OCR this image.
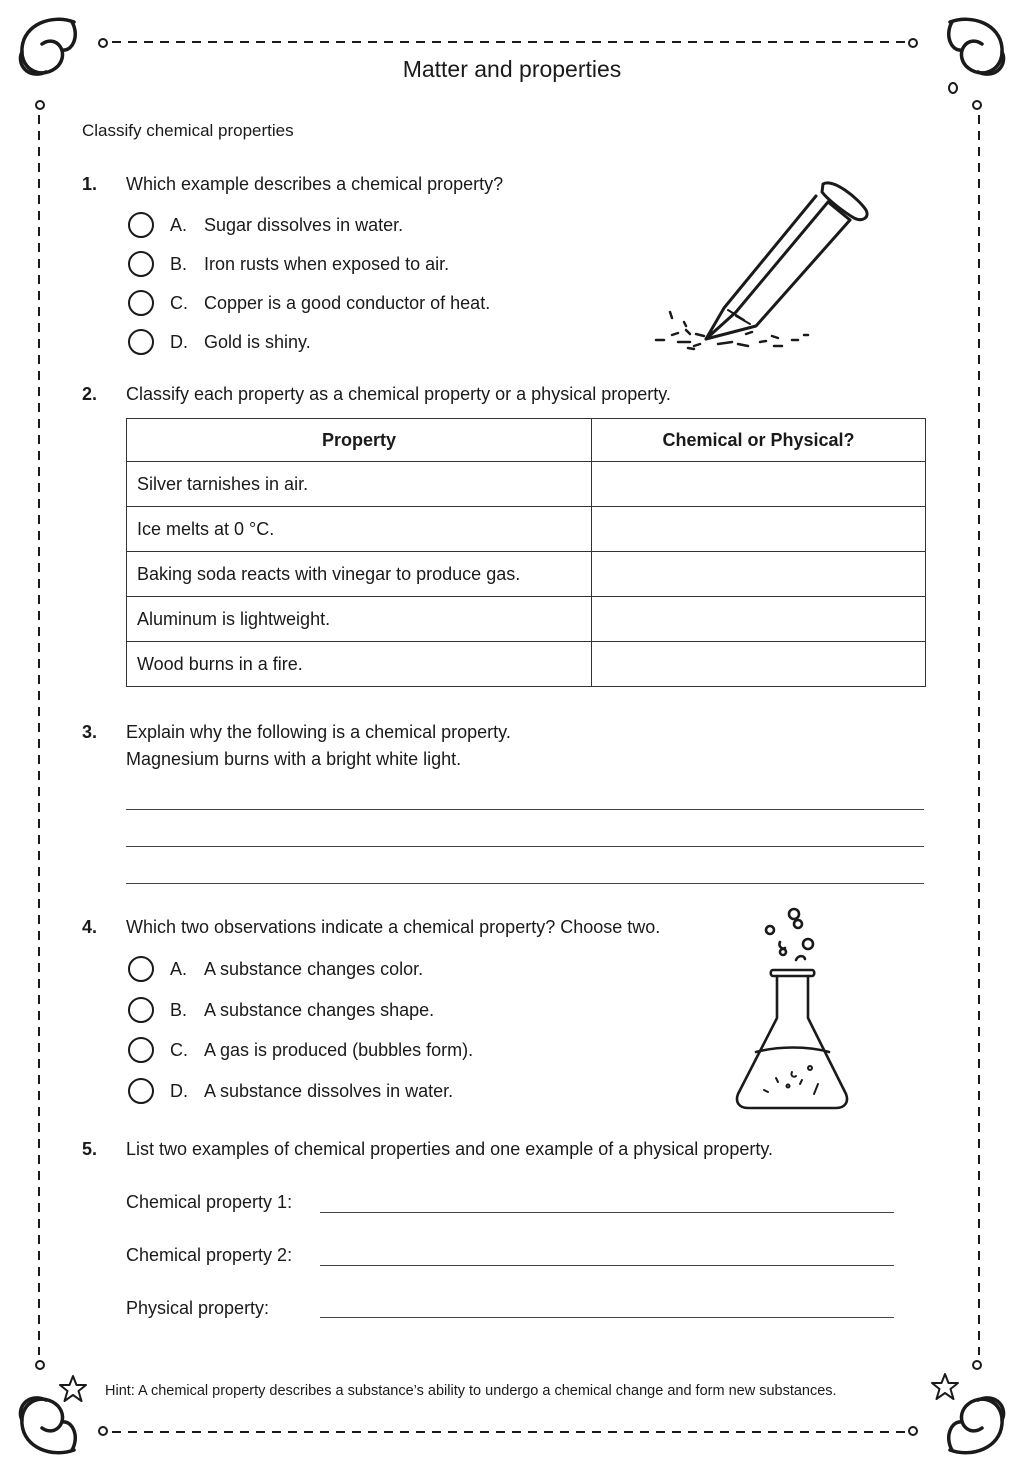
Matter and properties
Classify chemical properties
1. Which example describes a chemical property?
A. Sugar dissolves in water.
B. Iron rusts when exposed to air.
C. Copper is a good conductor of heat.
D. Gold is shiny.
2. Classify each property as a chemical property or a physical property.
Property	Chemical or Physical?
Silver tarnishes in air.	
Ice melts at 0 °C.	
Baking soda reacts with vinegar to produce gas.	
Aluminum is lightweight.	
Wood burns in a fire.	
3. Explain why the following is a chemical property.
Magnesium burns with a bright white light.
4. Which two observations indicate a chemical property? Choose two.
A. A substance changes color.
B. A substance changes shape.
C. A gas is produced (bubbles form).
D. A substance dissolves in water.
5. List two examples of chemical properties and one example of a physical property.
Chemical property 1:
Chemical property 2:
Physical property:
Hint: A chemical property describes a substance’s ability to undergo a chemical change and form new substances.
